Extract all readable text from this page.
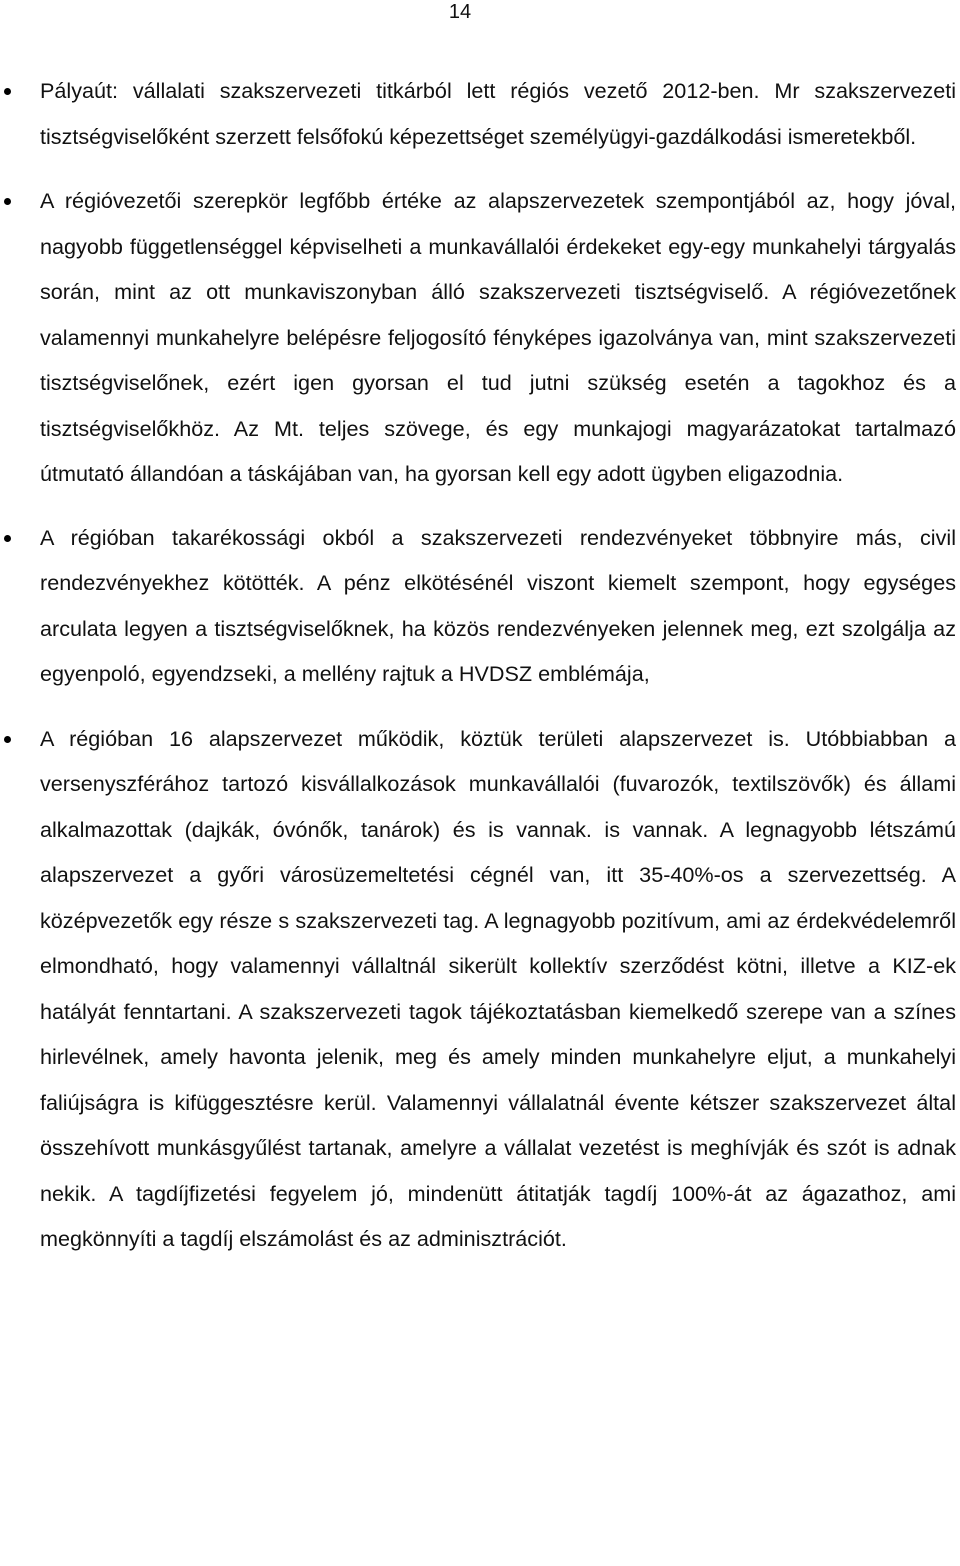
14
Pályaút: vállalati szakszervezeti titkárból lett régiós vezető 2012-ben. Mr szakszervezeti tisztségviselőként szerzett felsőfokú képezettséget személyügyi-gazdálkodási ismeretekből.
A régióvezetői szerepkör legfőbb értéke az alapszervezetek szempontjából az, hogy jóval, nagyobb függetlenséggel képviselheti a munkavállalói érdekeket egy-egy munkahelyi tárgyalás során, mint az ott munkaviszonyban álló szakszervezeti tisztségviselő. A régióvezetőnek valamennyi munkahelyre belépésre feljogosító fényképes igazolványa van, mint szakszervezeti tisztségviselőnek, ezért igen gyorsan el tud jutni szükség esetén a tagokhoz és a tisztségviselőkhöz. Az Mt. teljes szövege, és egy munkajogi magyarázatokat tartalmazó útmutató állandóan a táskájában van, ha gyorsan kell egy adott ügyben eligazodnia.
A régióban takarékossági okból a szakszervezeti rendezvényeket többnyire más, civil rendezvényekhez kötötték. A pénz elkötésénél viszont kiemelt szempont, hogy egységes arculata legyen a tisztségviselőknek, ha közös rendezvényeken jelennek meg, ezt szolgálja az egyenpoló, egyendzseki, a mellény rajtuk a HVDSZ emblémája,
A régióban 16 alapszervezet működik, köztük területi alapszervezet is. Utóbbiabban a versenyszférához tartozó kisvállalkozások munkavállalói (fuvarozók, textilszövők) és állami alkalmazottak (dajkák, óvónők, tanárok) és is vannak. is vannak. A legnagyobb létszámú alapszervezet a győri városüzemeltetési cégnél van, itt 35-40%-os a szervezettség. A középvezetők egy része s szakszervezeti tag. A legnagyobb pozitívum, ami az érdekvédelemről elmondható, hogy valamennyi vállaltnál sikerült kollektív szerződést kötni, illetve a KIZ-ek hatályát fenntartani. A szakszervezeti tagok tájékoztatásban kiemelkedő szerepe van a színes hirlevélnek, amely havonta jelenik, meg és amely minden munkahelyre eljut, a munkahelyi faliújságra is kifüggesztésre kerül. Valamennyi vállalatnál évente kétszer szakszervezet által összehívott munkásgyűlést tartanak, amelyre a vállalat vezetést is meghívják és szót is adnak nekik. A tagdíjfizetési fegyelem jó, mindenütt átitatják tagdíj 100%-át az ágazathoz, ami megkönnyíti a tagdíj elszámolást és az adminisztrációt.
